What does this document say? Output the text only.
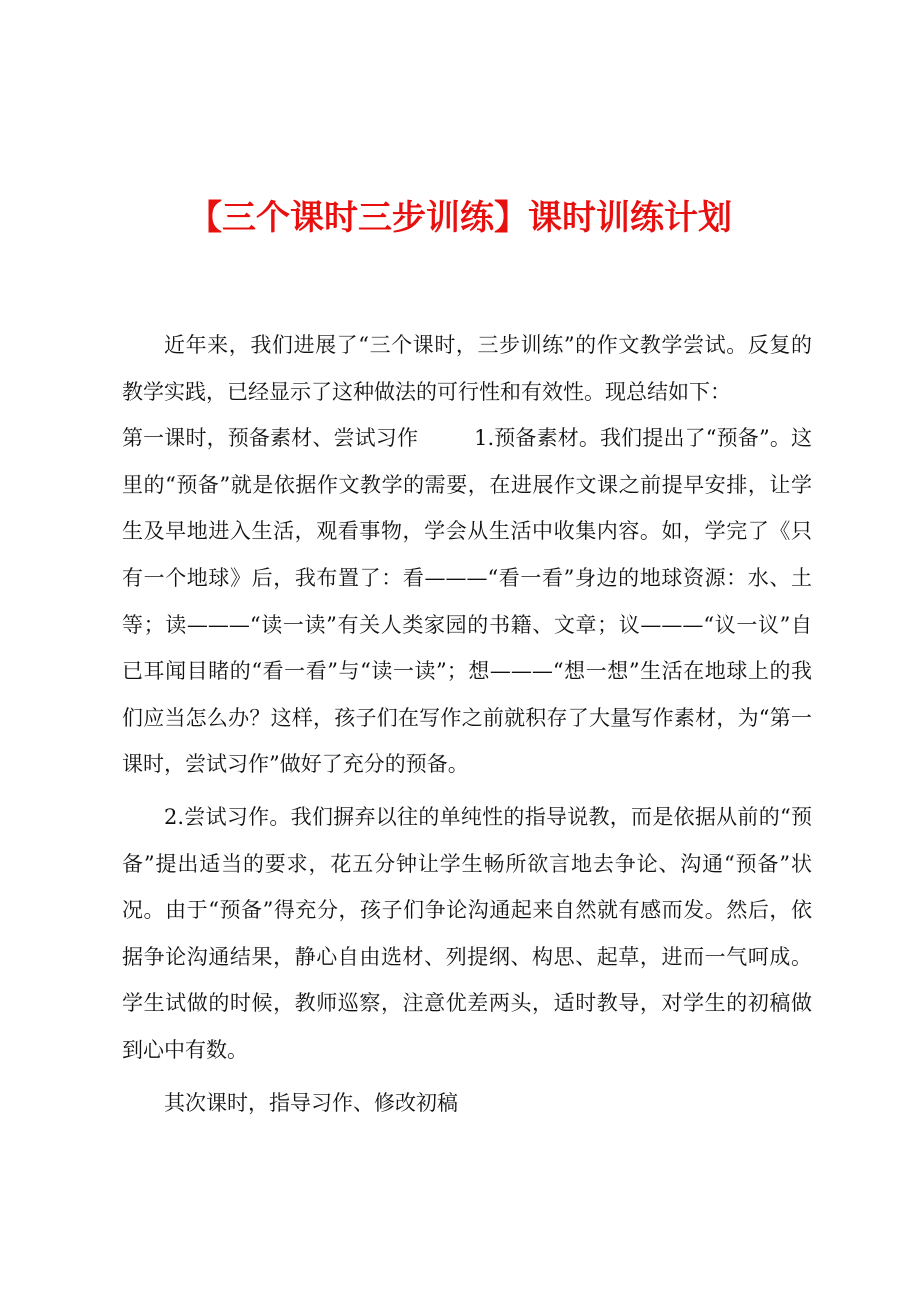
【三个课时三步训练】课时训练计划

近年来，我们进展了“三个课时，三步训练”的作文教学尝试。反复的教学实践，已经显示了这种做法的可行性和有效性。现总结如下：

第一课时，预备素材、尝试习作	1.预备素材。我们提出了“预备”。这里的“预备”就是依据作文教学的需要，在进展作文课之前提早安排，让学生及早地进入生活，观看事物，学会从生活中收集内容。如，学完了《只有一个地球》后，我布置了：看———“看一看”身边的地球资源：水、土等；读———“读一读”有关人类家园的书籍、文章；议———“议一议”自已耳闻目睹的“看一看”与“读一读”；想———“想一想”生活在地球上的我们应当怎么办？这样，孩子们在写作之前就积存了大量写作素材，为“第一课时，尝试习作”做好了充分的预备。

2.尝试习作。我们摒弃以往的单纯性的指导说教，而是依据从前的“预备”提出适当的要求，花五分钟让学生畅所欲言地去争论、沟通“预备”状况。由于“预备”得充分，孩子们争论沟通起来自然就有感而发。然后，依据争论沟通结果，静心自由选材、列提纲、构思、起草，进而一气呵成。学生试做的时候，教师巡察，注意优差两头，适时教导，对学生的初稿做到心中有数。

其次课时，指导习作、修改初稿
